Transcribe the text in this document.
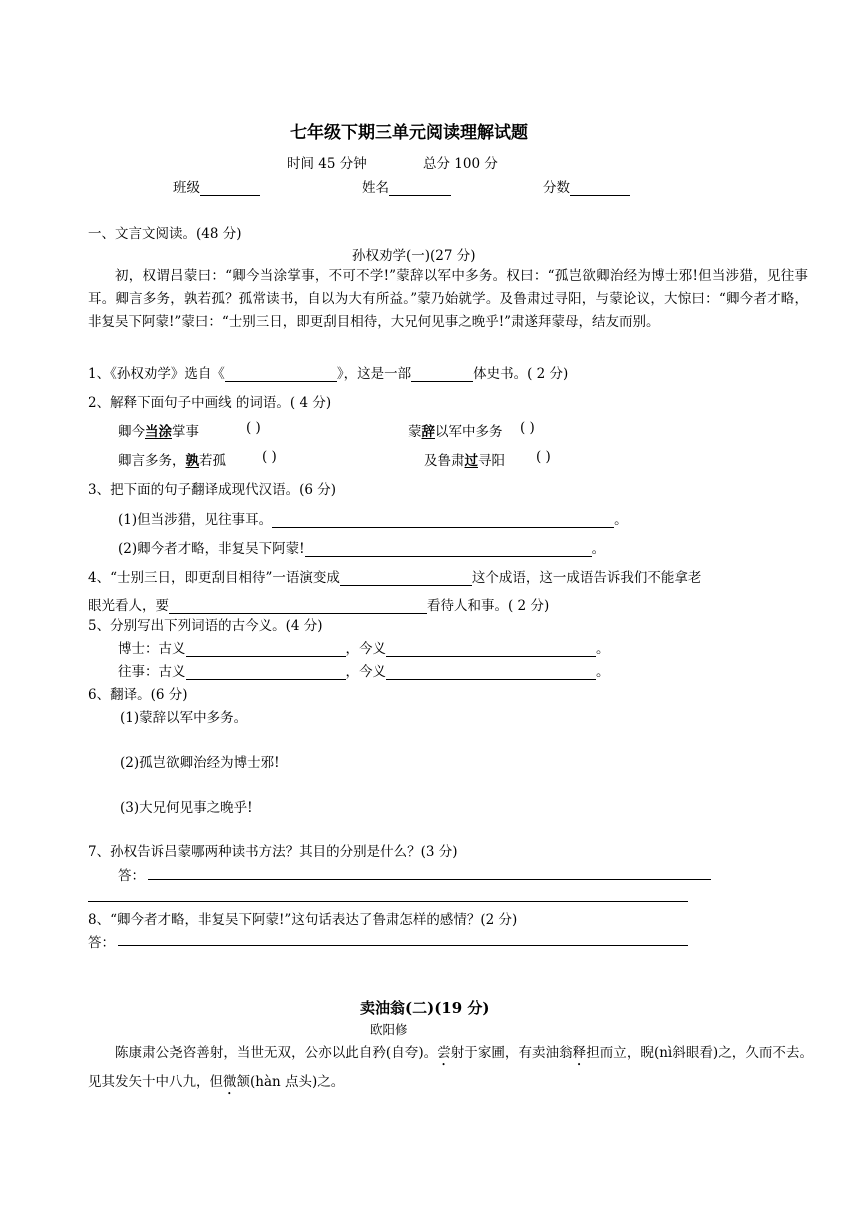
七年级下期三单元阅读理解试题
时间 45 分钟	总分 100 分
班级	姓名	分数
一、文言文阅读。(48 分)
孙权劝学(一)(27 分)
初，权谓吕蒙曰：“卿今当涂掌事，不可不学!”蒙辞以军中多务。权曰：“孤岂欲卿治经为博士邪!但当涉猎，见往事耳。卿言多务，孰若孤？孤常读书，自以为大有所益。”蒙乃始就学。及鲁肃过寻阳，与蒙论议，大惊曰：“卿今者才略，非复吴下阿蒙!”蒙曰：“士别三日，即更刮目相待，大兄何见事之晚乎!”肃遂拜蒙母，结友而别。
1、《孙权劝学》选自《	》，这是一部	体史书。( 2 分)
2、解释下面句子中画线 的词语。( 4 分)
卿今当涂掌事	( )	蒙辞以军中多务 ( )
卿言多务，孰若孤	( )	及鲁肃过寻阳 ( )
3、把下面的句子翻译成现代汉语。(6 分)
(1)但当涉猎，见往事耳。	。
(2)卿今者才略，非复吴下阿蒙!	。
4、“士别三日，即更刮目相待”一语演变成	这个成语，这一成语告诉我们不能拿老
眼光看人，要	看待人和事。( 2 分)
5、分别写出下列词语的古今义。(4 分)
博士：古义	，今义	。
往事：古义	，今义	。
6、翻译。(6 分)
(1)蒙辞以军中多务。
(2)孤岂欲卿治经为博士邪!
(3)大兄何见事之晚乎!
7、孙权告诉吕蒙哪两种读书方法？其目的分别是什么？(3 分)
答：
8、“卿今者才略，非复吴下阿蒙!”这句话表达了鲁肃怎样的感情？(2 分)
答：
卖油翁(二)(19 分)
欧阳修
陈康肃公尧咨善射，当世无双，公亦以此自矜(自夸)。尝射于家圃，有卖油翁释担而立，睨(nì斜眼看)之，久而不去。见其发矢十中八九，但微颔(hàn 点头)之。
